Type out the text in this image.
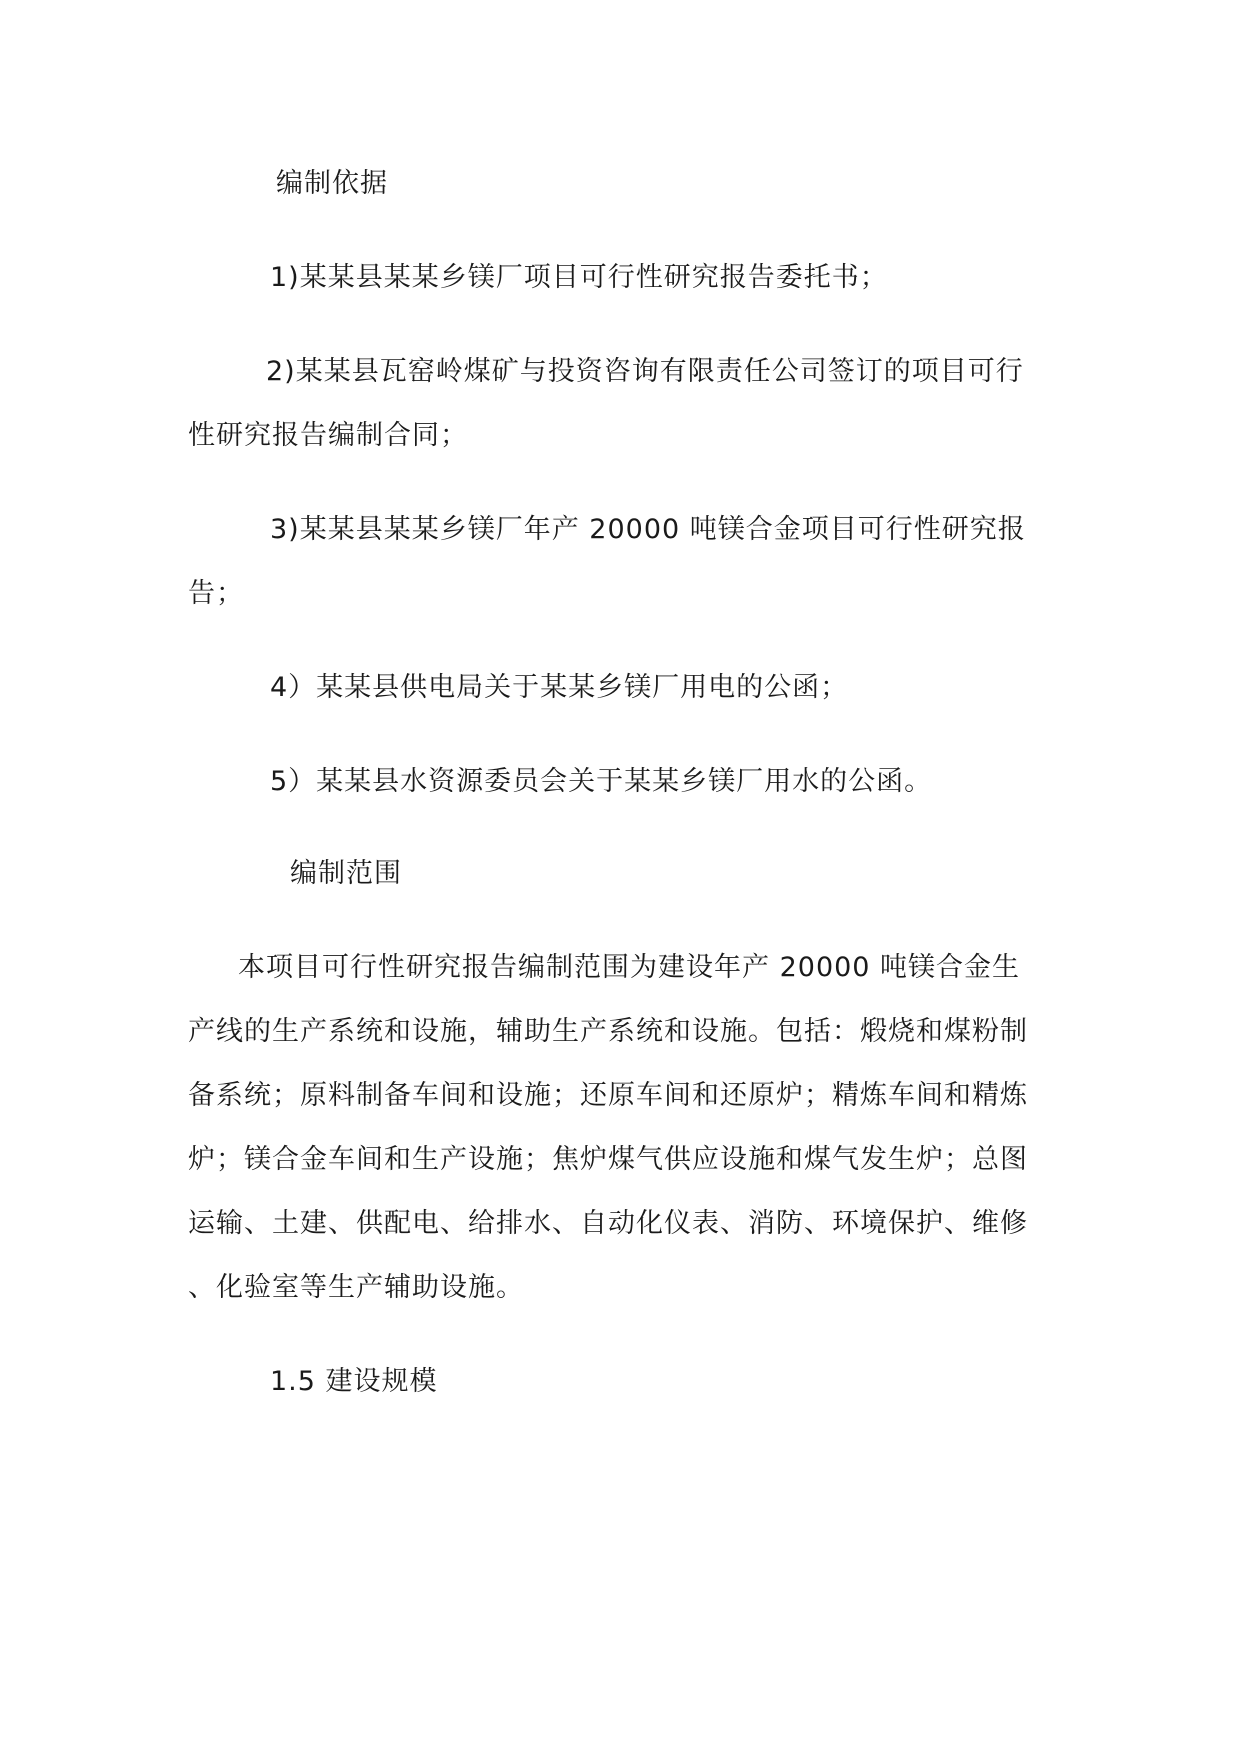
编制依据
1)某某县某某乡镁厂项目可行性研究报告委托书；
2)某某县瓦窑岭煤矿与投资咨询有限责任公司签订的项目可行
性研究报告编制合同；
3)某某县某某乡镁厂年产 20000 吨镁合金项目可行性研究报
告；
4）某某县供电局关于某某乡镁厂用电的公函；
5）某某县水资源委员会关于某某乡镁厂用水的公函。
编制范围
本项目可行性研究报告编制范围为建设年产 20000 吨镁合金生
产线的生产系统和设施，辅助生产系统和设施。包括：煅烧和煤粉制
备系统；原料制备车间和设施；还原车间和还原炉；精炼车间和精炼
炉；镁合金车间和生产设施；焦炉煤气供应设施和煤气发生炉；总图
运输、土建、供配电、给排水、自动化仪表、消防、环境保护、维修
、化验室等生产辅助设施。
1.5 建设规模
